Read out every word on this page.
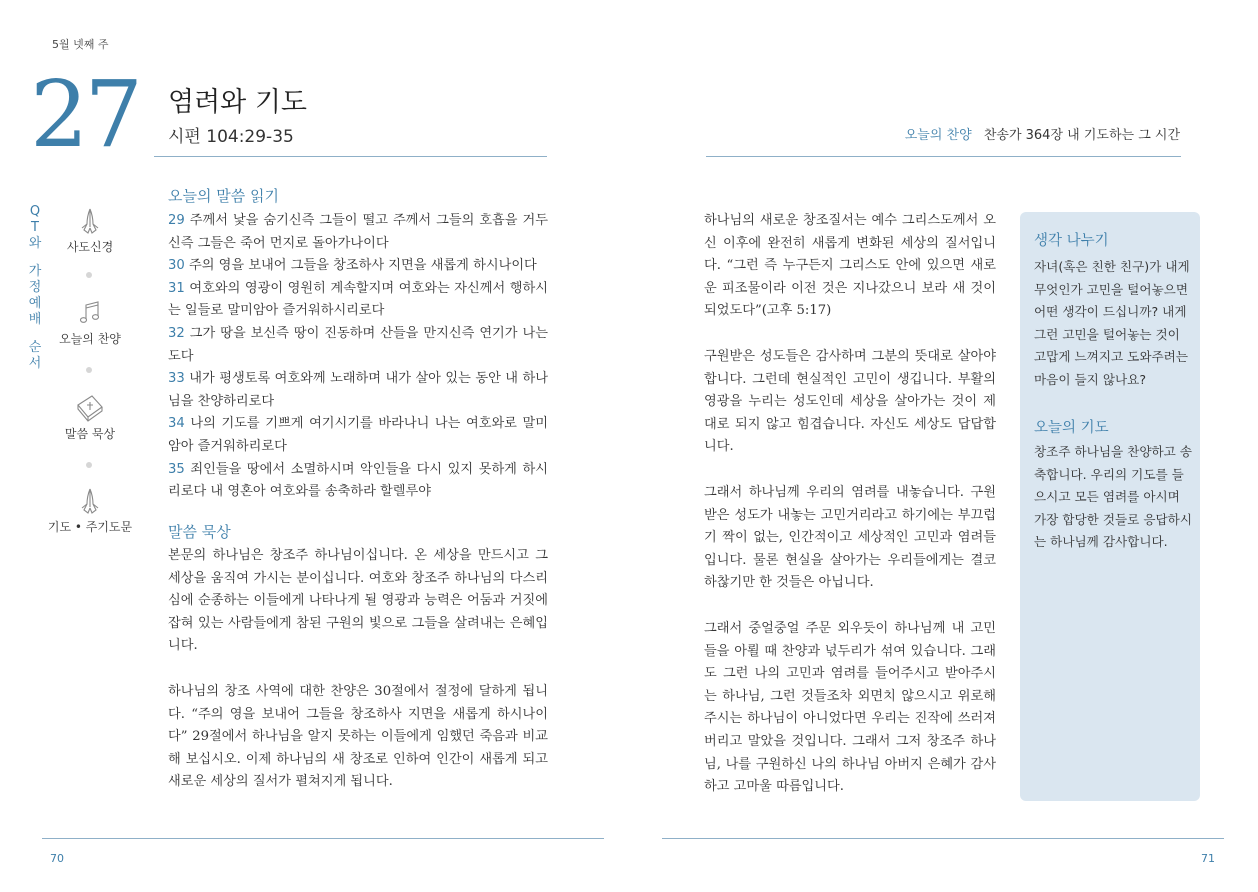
5월 넷째 주
27 염려와 기도
시편 104:29-35	오늘의 찬양 찬송가 364장 내 기도하는 그 시간
Q
T
와
가
정
예
배
순
서
사도신경
오늘의 찬양
말씀 묵상
기도 • 주기도문
오늘의 말씀 읽기

29 주께서 낯을 숨기신즉 그들이 떨고 주께서 그들의 호흡을 거두신즉 그들은 죽어 먼지로 돌아가나이다

30 주의 영을 보내어 그들을 창조하사 지면을 새롭게 하시나이다

31 여호와의 영광이 영원히 계속할지며 여호와는 자신께서 행하시는 일들로 말미암아 즐거워하시리로다

32 그가 땅을 보신즉 땅이 진동하며 산들을 만지신즉 연기가 나는도다

33 내가 평생토록 여호와께 노래하며 내가 살아 있는 동안 내 하나님을 찬양하리로다

34 나의 기도를 기쁘게 여기시기를 바라나니 나는 여호와로 말미암아 즐거워하리로다

35 죄인들을 땅에서 소멸하시며 악인들을 다시 있지 못하게 하시리로다 내 영혼아 여호와를 송축하라 할렐루야

말씀 묵상

본문의 하나님은 창조주 하나님이십니다. 온 세상을 만드시고 그 세상을 움직여 가시는 분이십니다. 여호와 창조주 하나님의 다스리심에 순종하는 이들에게 나타나게 될 영광과 능력은 어둠과 거짓에 잡혀 있는 사람들에게 참된 구원의 빛으로 그들을 살려내는 은혜입니다.

하나님의 창조 사역에 대한 찬양은 30절에서 절정에 달하게 됩니다. “주의 영을 보내어 그들을 창조하사 지면을 새롭게 하시나이다” 29절에서 하나님을 알지 못하는 이들에게 임했던 죽음과 비교해 보십시오. 이제 하나님의 새 창조로 인하여 인간이 새롭게 되고 새로운 세상의 질서가 펼쳐지게 됩니다.

하나님의 새로운 창조질서는 예수 그리스도께서 오신 이후에 완전히 새롭게 변화된 세상의 질서입니다. “그런 즉 누구든지 그리스도 안에 있으면 새로운 피조물이라 이전 것은 지나갔으니 보라 새 것이 되었도다”(고후 5:17)

구원받은 성도들은 감사하며 그분의 뜻대로 살아야 합니다. 그런데 현실적인 고민이 생깁니다. 부활의 영광을 누리는 성도인데 세상을 살아가는 것이 제대로 되지 않고 힘겹습니다. 자신도 세상도 답답합니다.

그래서 하나님께 우리의 염려를 내놓습니다. 구원받은 성도가 내놓는 고민거리라고 하기에는 부끄럽기 짝이 없는, 인간적이고 세상적인 고민과 염려들입니다. 물론 현실을 살아가는 우리들에게는 결코 하찮기만 한 것들은 아닙니다.

그래서 중얼중얼 주문 외우듯이 하나님께 내 고민들을 아뢸 때 찬양과 넋두리가 섞여 있습니다. 그래도 그런 나의 고민과 염려를 들어주시고 받아주시는 하나님, 그런 것들조차 외면치 않으시고 위로해 주시는 하나님이 아니었다면 우리는 진작에 쓰러져버리고 말았을 것입니다. 그래서 그저 창조주 하나님, 나를 구원하신 나의 하나님 아버지 은혜가 감사하고 고마울 따름입니다.

생각 나누기
자녀(혹은 친한 친구)가 내게 무엇인가 고민을 털어놓으면 어떤 생각이 드십니까? 내게 그런 고민을 털어놓는 것이 고맙게 느껴지고 도와주려는 마음이 들지 않나요?
오늘의 기도
창조주 하나님을 찬양하고 송축합니다. 우리의 기도를 들으시고 모든 염려를 아시며 가장 합당한 것들로 응답하시는 하나님께 감사합니다.
70	71
